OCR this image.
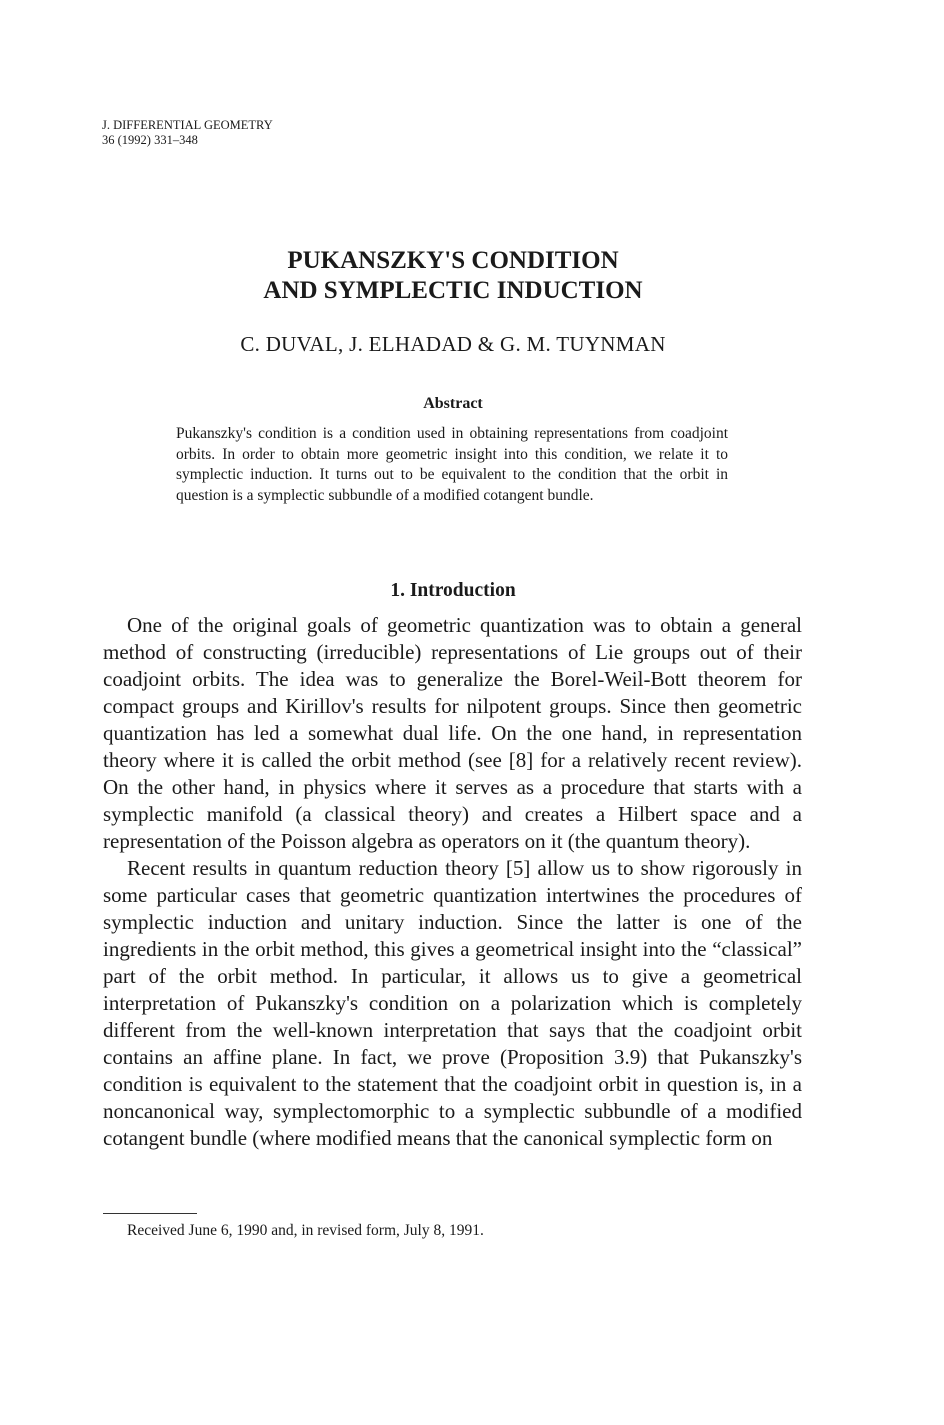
J. DIFFERENTIAL GEOMETRY
36 (1992) 331–348
PUKANSZKY'S CONDITION
AND SYMPLECTIC INDUCTION
C. DUVAL, J. ELHADAD & G. M. TUYNMAN
Abstract
Pukanszky's condition is a condition used in obtaining representations from coadjoint orbits. In order to obtain more geometric insight into this condition, we relate it to symplectic induction. It turns out to be equivalent to the condition that the orbit in question is a symplectic subbundle of a modified cotangent bundle.
1. Introduction

One of the original goals of geometric quantization was to obtain a general method of constructing (irreducible) representations of Lie groups out of their coadjoint orbits. The idea was to generalize the Borel-Weil-Bott theorem for compact groups and Kirillov's results for nilpotent groups. Since then geometric quantization has led a somewhat dual life. On the one hand, in representation theory where it is called the orbit method (see [8] for a relatively recent review). On the other hand, in physics where it serves as a procedure that starts with a symplectic manifold (a classical theory) and creates a Hilbert space and a representation of the Poisson algebra as operators on it (the quantum theory).

Recent results in quantum reduction theory [5] allow us to show rigorously in some particular cases that geometric quantization intertwines the procedures of symplectic induction and unitary induction. Since the latter is one of the ingredients in the orbit method, this gives a geometrical insight into the “classical” part of the orbit method. In particular, it allows us to give a geometrical interpretation of Pukanszky's condition on a polarization which is completely different from the well-known interpretation that says that the coadjoint orbit contains an affine plane. In fact, we prove (Proposition 3.9) that Pukanszky's condition is equivalent to the statement that the coadjoint orbit in question is, in a noncanonical way, symplectomorphic to a symplectic subbundle of a modified cotangent bundle (where modified means that the canonical symplectic form on

Received June 6, 1990 and, in revised form, July 8, 1991.
